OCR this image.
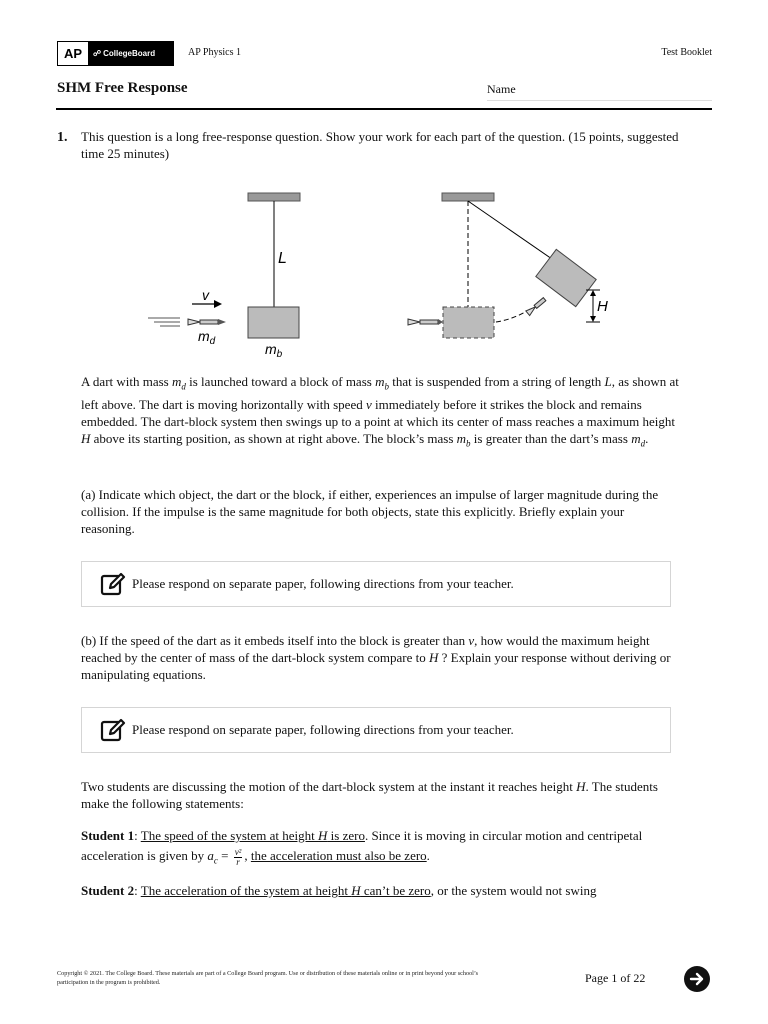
AP	☍ CollegeBoard	AP Physics 1	Test Booklet
SHM Free Response	Name
1. This question is a long free-response question. Show your work for each part of the question. (15 points, suggested time 25 minutes)
L
v
$m_d$	$m_b$
H
A dart with mass $m_d$ is launched toward a block of mass $m_b$ that is suspended from a string of length L, as shown at left above. The dart is moving horizontally with speed v immediately before it strikes the block and remains embedded. The dart-block system then swings up to a point at which its center of mass reaches a maximum height H above its starting position, as shown at right above. The block’s mass $m_b$ is greater than the dart’s mass $m_d$.
(a) Indicate which object, the dart or the block, if either, experiences an impulse of larger magnitude during the collision. If the impulse is the same magnitude for both objects, state this explicitly. Briefly explain your reasoning.
Please respond on separate paper, following directions from your teacher.
(b) If the speed of the dart as it embeds itself into the block is greater than v, how would the maximum height reached by the center of mass of the dart-block system compare to H ? Explain your response without deriving or manipulating equations.
Please respond on separate paper, following directions from your teacher.
Two students are discussing the motion of the dart-block system at the instant it reaches height H. The students make the following statements:
Student 1: The speed of the system at height H is zero. Since it is moving in circular motion and centripetal acceleration is given by $a_c = \frac{\text{v²}}{r}$ , the acceleration must also be zero.
Student 2: The acceleration of the system at height H can’t be zero, or the system would not swing
Copyright © 2021. The College Board. These materials are part of a College Board program. Use or distribution of these materials online or in print beyond your school’s participation in the program is prohibited.	Page 1 of 22
